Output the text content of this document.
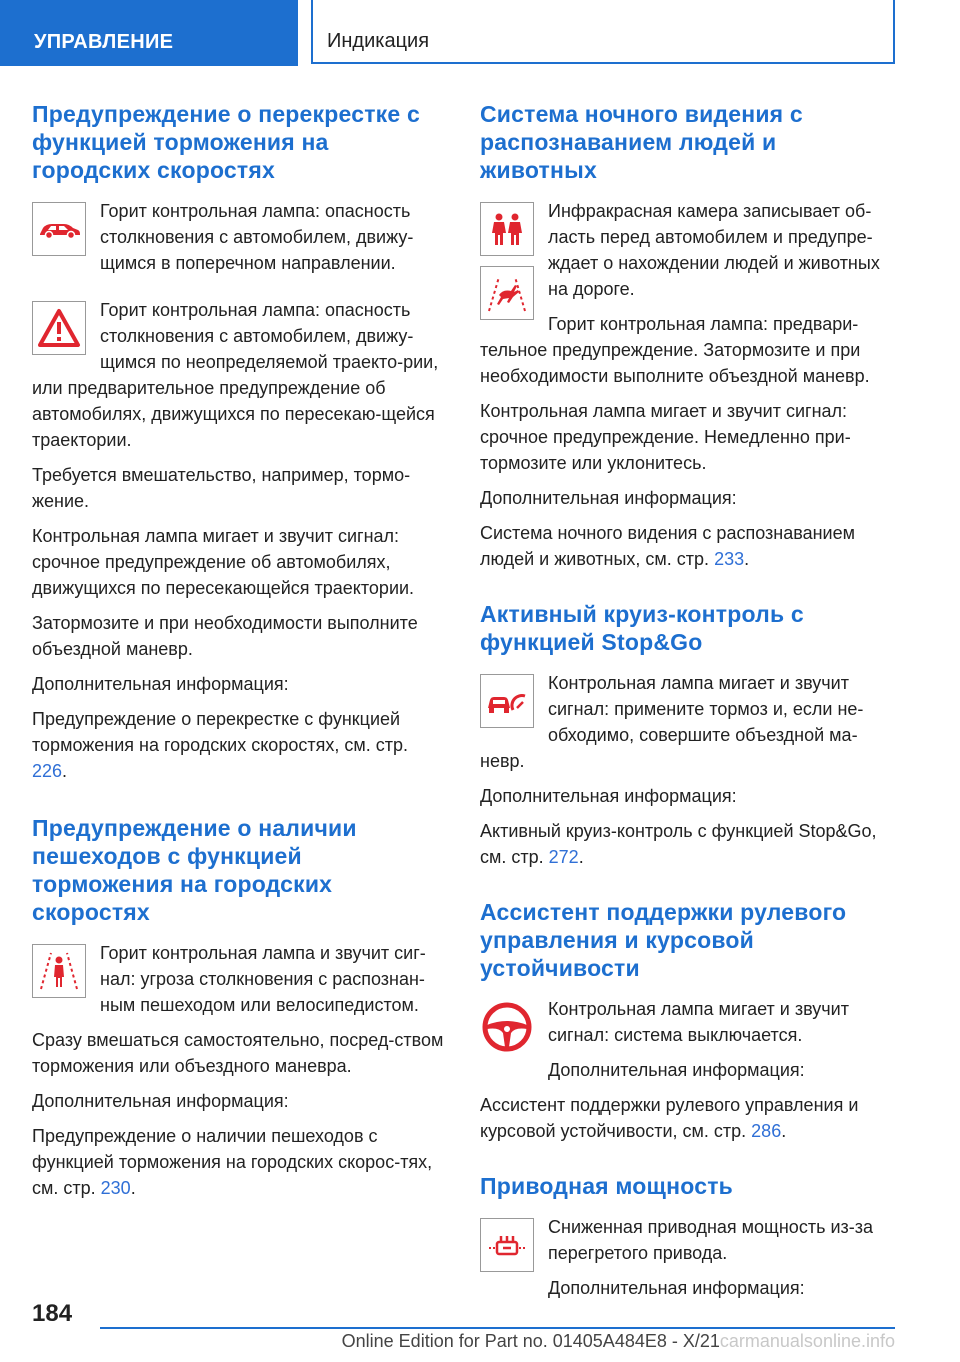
УПРАВЛЕНИЕ	Индикация
Предупреждение о перекрестке с функцией торможения на городских скоростях

Горит контрольная лампа: опасность столкновения с автомобилем, движу-щимся в поперечном направлении.

Горит контрольная лампа: опасность столкновения с автомобилем, движу-щимся по неопределяемой траекто-рии, или предварительное предупреждение об автомобилях, движущихся по пересекаю-щейся траектории.

Требуется вмешательство, например, тормо-жение.

Контрольная лампа мигает и звучит сигнал: срочное предупреждение об автомобилях, движущихся по пересекающейся траектории.

Затормозите и при необходимости выполните объездной маневр.

Дополнительная информация:

Предупреждение о перекрестке с функцией торможения на городских скоростях, см. стр. 226.

Предупреждение о наличии пешеходов с функцией торможения на городских скоростях

Горит контрольная лампа и звучит сиг-нал: угроза столкновения с распознан-ным пешеходом или велосипедистом.

Сразу вмешаться самостоятельно, посред-ством торможения или объездного маневра.

Дополнительная информация:

Предупреждение о наличии пешеходов с функцией торможения на городских скорос-тях, см. стр. 230.

Система ночного видения с распознаванием людей и животных

Инфракрасная камера записывает об-ласть перед автомобилем и предупре-ждает о нахождении людей и животных на дороге.

Горит контрольная лампа: предвари-тельное предупреждение. Затормозите и при необходимости выполните объездной маневр.

Контрольная лампа мигает и звучит сигнал: срочное предупреждение. Немедленно при-тормозите или уклонитесь.

Дополнительная информация:

Система ночного видения с распознаванием людей и животных, см. стр. 233.

Активный круиз-контроль с функцией Stop&Go

Контрольная лампа мигает и звучит сигнал: примените тормоз и, если не-обходимо, совершите объездной ма-невр.

Дополнительная информация:

Активный круиз-контроль с функцией Stop&Go, см. стр. 272.

Ассистент поддержки рулевого управления и курсовой устойчивости

Контрольная лампа мигает и звучит сигнал: система выключается.

Дополнительная информация:

Ассистент поддержки рулевого управления и курсовой устойчивости, см. стр. 286.

Приводная мощность

Сниженная приводная мощность из-за перегретого привода.

Дополнительная информация:

184
Online Edition for Part no. 01405A484E8 - X/21carmanualsonline.info
